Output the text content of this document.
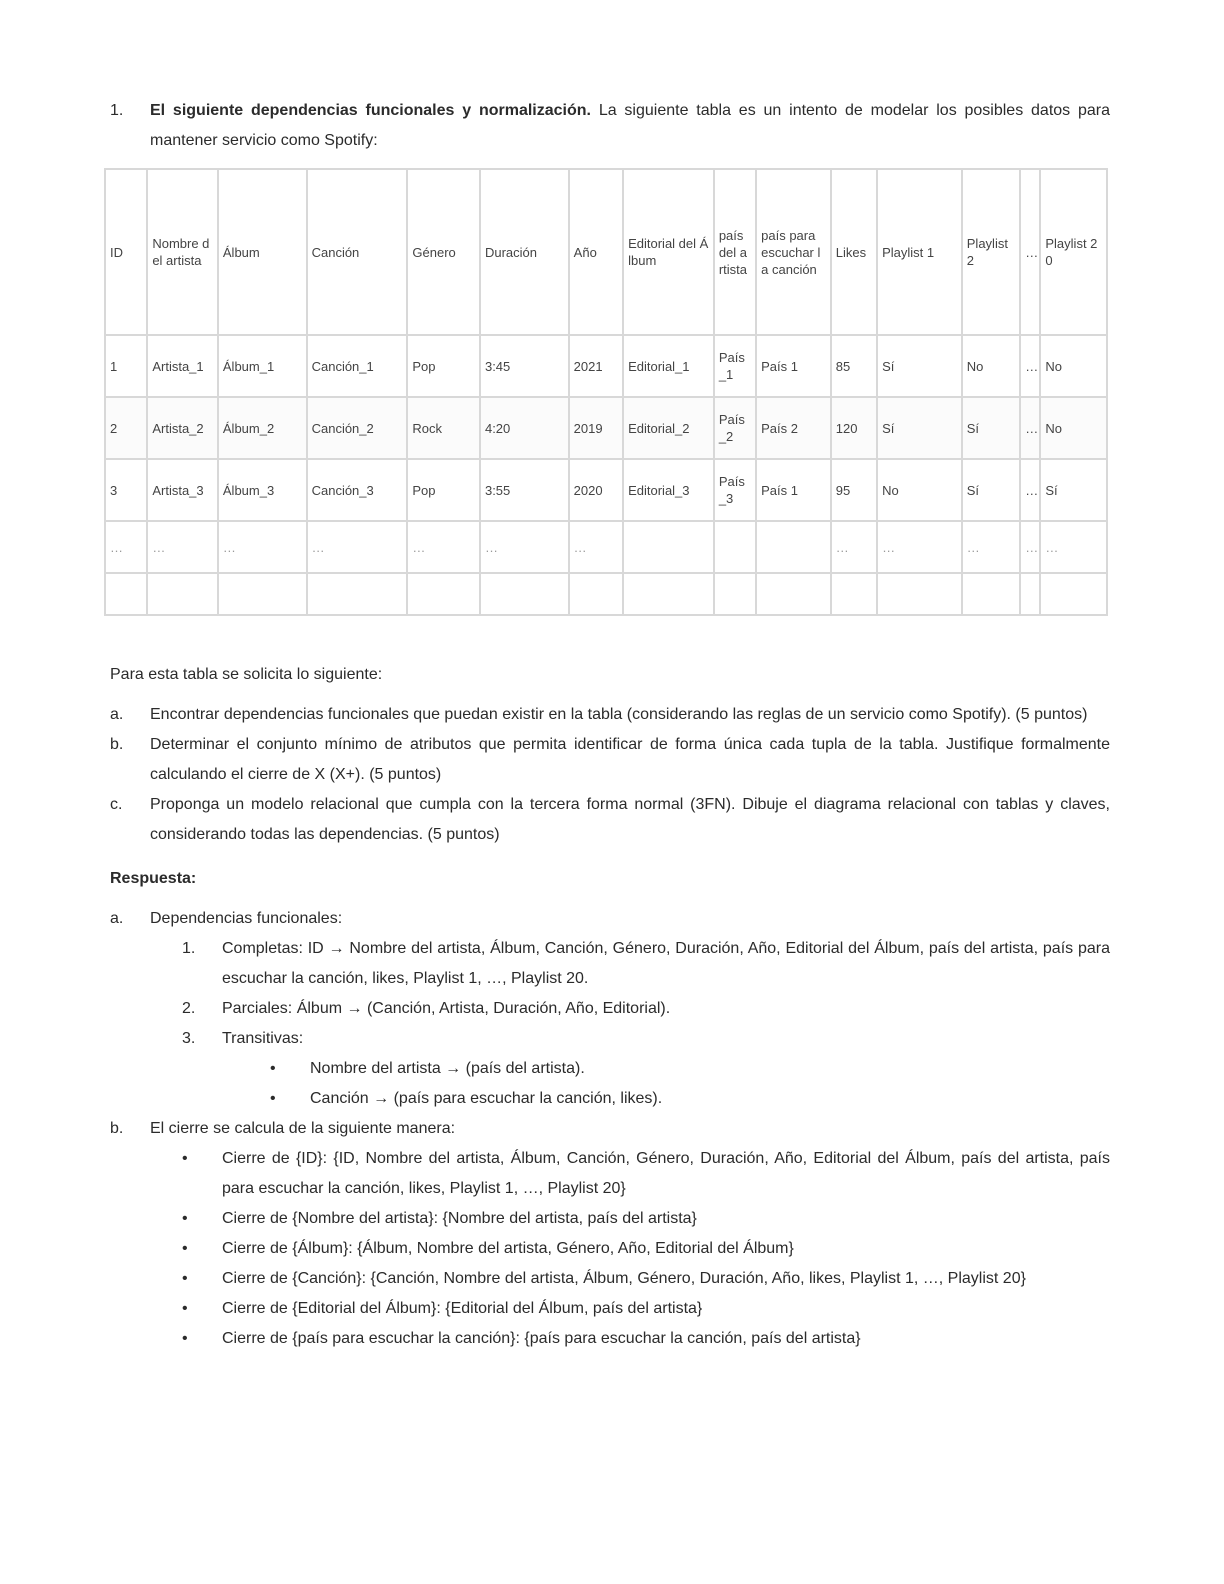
1.	El siguiente dependencias funcionales y normalización. La siguiente tabla es un intento de modelar los posibles datos para mantener servicio como Spotify:
ID	Nombre del artista	Álbum	Canción	Género	Duración	Año	Editorial del Álbum	país del artista	país para escuchar la canción	Likes	Playlist 1	Playlist 2	…	Playlist 20
1	Artista_1	Álbum_1	Canción_1	Pop	3:45	2021	Editorial_1	País_1	País 1	85	Sí	No	…	No
2	Artista_2	Álbum_2	Canción_2	Rock	4:20	2019	Editorial_2	País_2	País 2	120	Sí	Sí	…	No
3	Artista_3	Álbum_3	Canción_3	Pop	3:55	2020	Editorial_3	País_3	País 1	95	No	Sí	…	Sí
…	…	…	…	…	…	…				…	…	…	…	…

Para esta tabla se solicita lo siguiente:
a.	Encontrar dependencias funcionales que puedan existir en la tabla (considerando las reglas de un servicio como Spotify). (5 puntos)
b.	Determinar el conjunto mínimo de atributos que permita identificar de forma única cada tupla de la tabla. Justifique formalmente calculando el cierre de X (X+). (5 puntos)
c.	Proponga un modelo relacional que cumpla con la tercera forma normal (3FN). Dibuje el diagrama relacional con tablas y claves, considerando todas las dependencias. (5 puntos)
Respuesta:
a.	Dependencias funcionales:
1.	Completas: ID → Nombre del artista, Álbum, Canción, Género, Duración, Año, Editorial del Álbum, país del artista, país para escuchar la canción, likes, Playlist 1, …, Playlist 20.
2.	Parciales: Álbum → (Canción, Artista, Duración, Año, Editorial).
3.	Transitivas:
•	Nombre del artista → (país del artista).
•	Canción → (país para escuchar la canción, likes).
b.	El cierre se calcula de la siguiente manera:
•	Cierre de {ID}: {ID, Nombre del artista, Álbum, Canción, Género, Duración, Año, Editorial del Álbum, país del artista, país para escuchar la canción, likes, Playlist 1, …, Playlist 20}
•	Cierre de {Nombre del artista}: {Nombre del artista, país del artista}
•	Cierre de {Álbum}: {Álbum, Nombre del artista, Género, Año, Editorial del Álbum}
•	Cierre de {Canción}: {Canción, Nombre del artista, Álbum, Género, Duración, Año, likes, Playlist 1, …, Playlist 20}
•	Cierre de {Editorial del Álbum}: {Editorial del Álbum, país del artista}
•	Cierre de {país para escuchar la canción}: {país para escuchar la canción, país del artista}
